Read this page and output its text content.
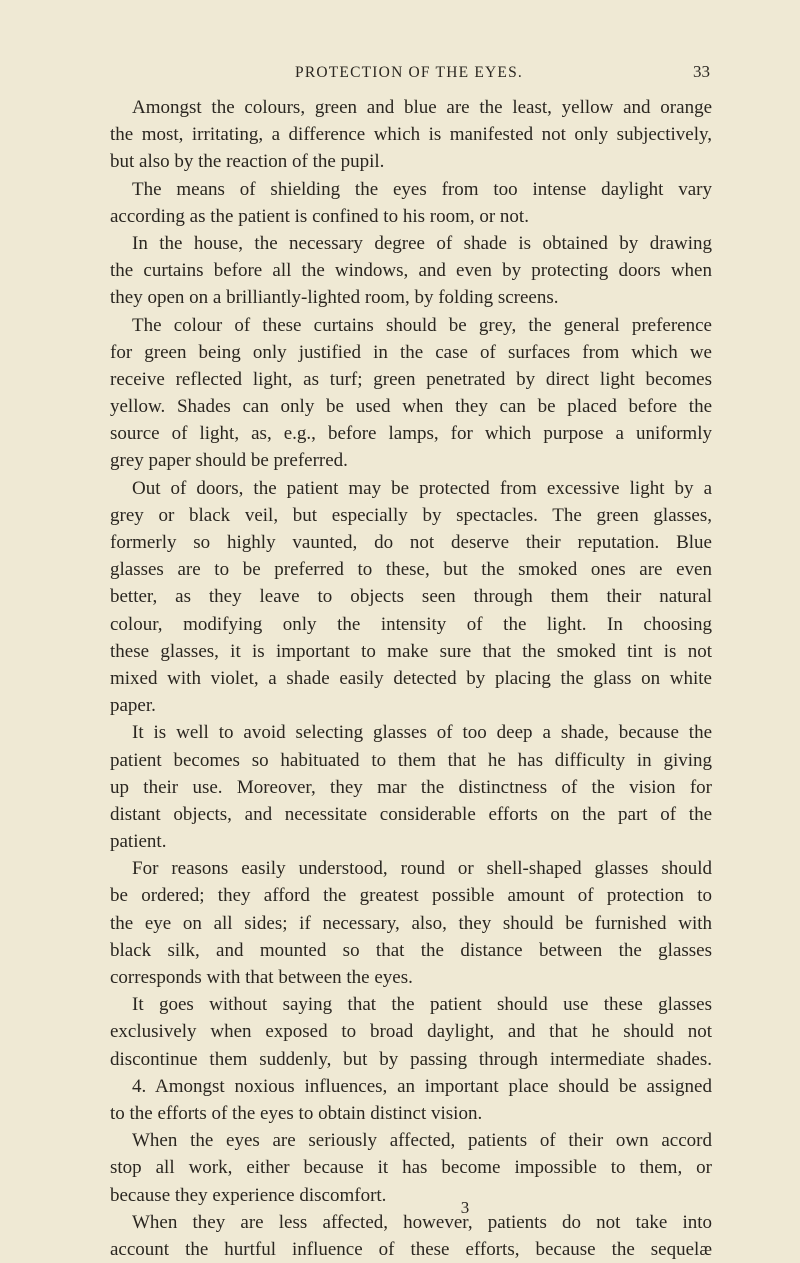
PROTECTION OF THE EYES.	33
Amongst the colours, green and blue are the least, yellow and orange
the most, irritating, a difference which is manifested not only subjectively,
but also by the reaction of the pupil.
The means of shielding the eyes from too intense daylight vary
according as the patient is confined to his room, or not.
In the house, the necessary degree of shade is obtained by drawing
the curtains before all the windows, and even by protecting doors when
they open on a brilliantly-lighted room, by folding screens.
The colour of these curtains should be grey, the general preference
for green being only justified in the case of surfaces from which we
receive reflected light, as turf; green penetrated by direct light becomes
yellow. Shades can only be used when they can be placed before the
source of light, as, e.g., before lamps, for which purpose a uniformly
grey paper should be preferred.
Out of doors, the patient may be protected from excessive light by a
grey or black veil, but especially by spectacles. The green glasses,
formerly so highly vaunted, do not deserve their reputation. Blue
glasses are to be preferred to these, but the smoked ones are even
better, as they leave to objects seen through them their natural
colour, modifying only the intensity of the light. In choosing
these glasses, it is important to make sure that the smoked tint is not
mixed with violet, a shade easily detected by placing the glass on white
paper.
It is well to avoid selecting glasses of too deep a shade, because the
patient becomes so habituated to them that he has difficulty in giving
up their use. Moreover, they mar the distinctness of the vision for
distant objects, and necessitate considerable efforts on the part of the
patient.
For reasons easily understood, round or shell-shaped glasses should
be ordered; they afford the greatest possible amount of protection to
the eye on all sides; if necessary, also, they should be furnished with
black silk, and mounted so that the distance between the glasses
corresponds with that between the eyes.
It goes without saying that the patient should use these glasses
exclusively when exposed to broad daylight, and that he should not
discontinue them suddenly, but by passing through intermediate shades.
4. Amongst noxious influences, an important place should be assigned
to the efforts of the eyes to obtain distinct vision.
When the eyes are seriously affected, patients of their own accord
stop all work, either because it has become impossible to them, or
because they experience discomfort.
When they are less affected, however, patients do not take into
account the hurtful influence of these efforts, because the sequelæ
3
